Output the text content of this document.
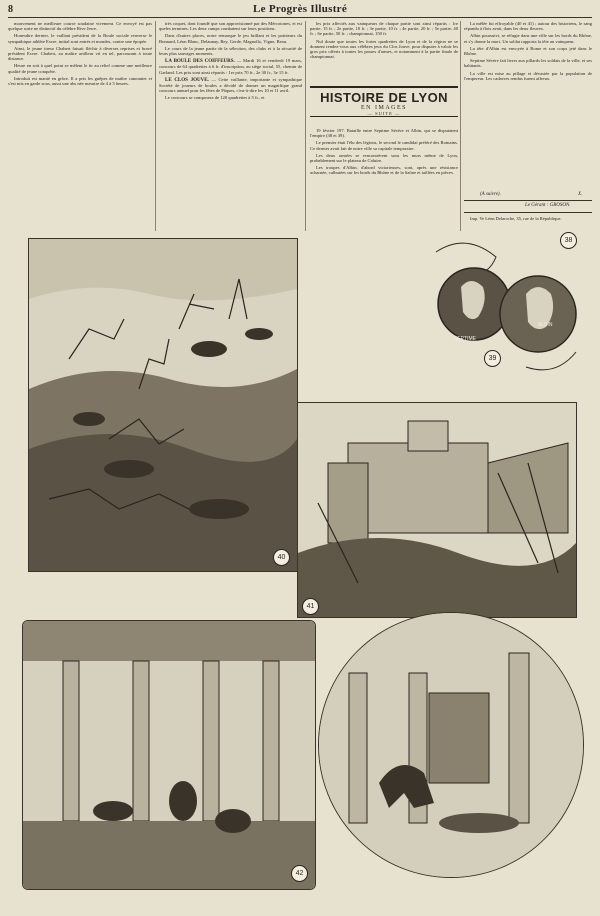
8	Le Progrès Illustré

mouvement ne meilleure course soudaine vivement. Ce envoyé est pas quelque sorte ne distinctif du célèbre Rive Jesre.

Honesdire dernier, le vaillant président de la Boule sociale renverse le sympathique athlète Esvre, initial sont entrés et mondes, contre une épopée.

Ainsi, le jeune tireur Chabert faisait fléchir à diverses reprises et bravé président Esvre. Chabert, au maître artilleur vit en tel, parcourant à toute distance.

Heure en soit à quel point se mêlent le tir au relief comme une meilleure qualité de jeune conquête.

Introduit est manié en grâce. Il a pris les guêpes de maître canonnier et s'est mis en garde sous, aussi une abs née meurtre de 4 à 5 heures.

très coquet, dont foundé que son approvisionné par des Mércotones, et est queles termines. Les deux camps combatent sur leurs positions.

Dans d'autres places, notre remarque le jeu brillant et les pointeurs du Bonnard, Léon Blanc, Delaunay, Rey, Gerde, Magnollo, Vigne, Beau.

Le cours de la jeune partie de la sélection, des clubs et à la sécurité de leurs plus sauvages moments.

LA BOULE DES COIFFEURS. — Mardi 16 et vendredi 19 mars, concours de 64 quadrettes à 6 fr. d'inscription, au siège social, 55, chemin de Garland. Les prix sont ainsi répartis : 1er prix 70 fr., 2e 30 fr., 3e 15 fr.

LE CLOS JOUVE. — Cette vaillante, importante et sympathique Société de joueurs de boules a décidé de donner un magnifique grand concours annuel pour les fêtes de Pâques, c'est-à-dire les 10 et 11 avril.

Le concours se composera de 120 quadrettes à 5 fr., et

les prix affectés aux vainqueurs de chaque partie sont ainsi répartis : 1re partie, 15 fr. ; 2e partie, 10 fr. ; 3e partie, 10 fr. ; 4e partie, 20 fr. ; 5e partie, 40 fr. ; 6e partie, 50 fr. ; championnat, 150 fr.

Nul doute que toutes les fortes quadrettes de Lyon et de la région ne se donnent rendez-vous aux célèbres jeux du Clos Jouve, pour disputer à valoir les gros prix offerts à toutes les passes d'armes, et notamment à la partie finale de championnat.

HISTOIRE DE LYON
EN IMAGES
— SUITE —

19 février 197. Bataille entre Septime Sévère et Albin, qui se disputaient l'empire (38 et 39).

Le premier était l'élu des légions, le second le candidat préféré des Romains. Ce dernier avait fait de notre ville sa capitale temporaire.

Les deux armées se rencontrèrent sous les murs même de Lyon, probablement sur le plateau de Caluire.

Les troupes d'Albin, d'abord victorieuses, sont, après une résistance acharnée, culbutées sur les bords du Rhône et de la Saône et taillées en pièces.

La mêlée fut effroyable (40 et 41) ; autour des historiens, le sang répandu à flots avait, dans les deux fleuves.

Albin poursuivi, se réfugie dans une ville sur les bords du Rhône, et s'y donne la mort. Un soldat rapporta la tête au vainqueur.

La tête d'Albin est envoyée à Rome et son corps jeté dans le Rhône.

Septime Sévère fait livrer aux pillards les soldats de la ville, et ses habitants.

La ville est mise au pillage et dévastée par la population de l'empereur. Les cadavres rendus furent affreux.

(A suivre).	X.
Le Gérant : GROSON.
Imp. Ve Léon Delaroche, 35, rue de la République.
40
38
39
SEPTIME
ALBIN
41
42
43
